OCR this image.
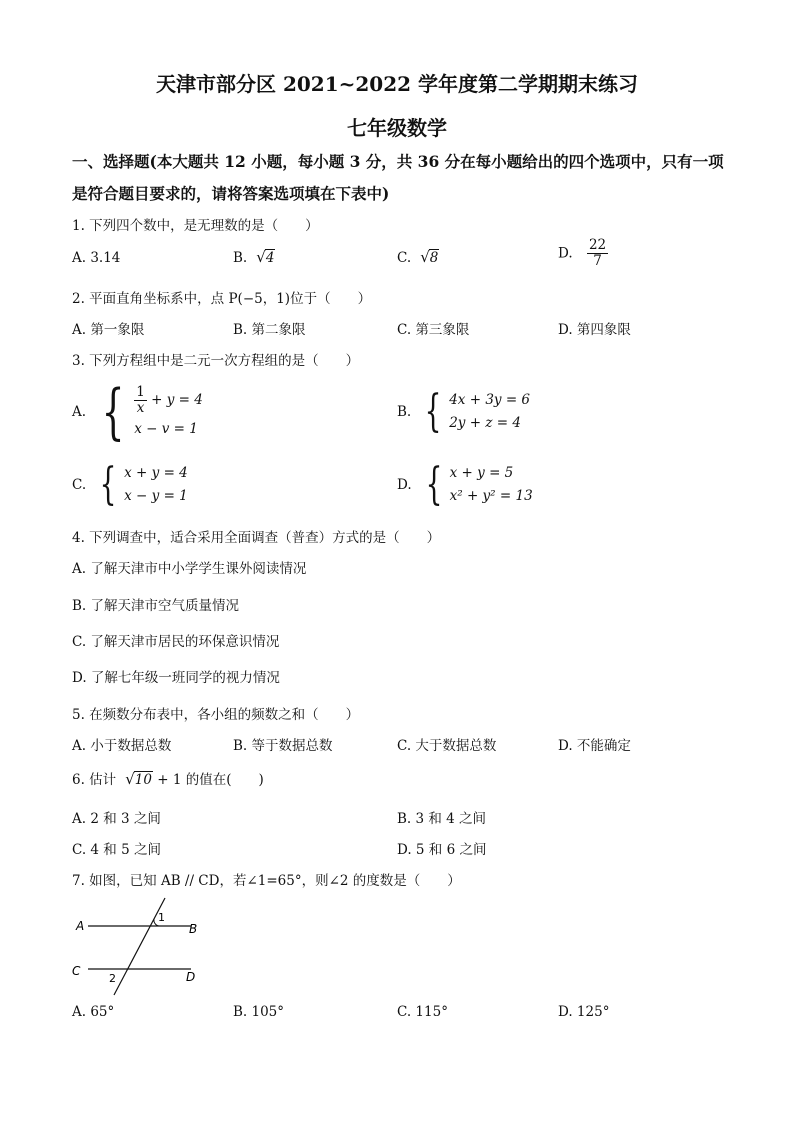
天津市部分区 2021~2022 学年度第二学期期末练习
七年级数学
一、选择题(本大题共 12 小题，每小题 3 分，共 36 分在每小题给出的四个选项中，只有一项
是符合题目要求的，请将答案选项填在下表中)
1. 下列四个数中，是无理数的是（　　）
A. 3.14	B.  √4	C.  √8	D. $\frac{22}{7}$
2. 平面直角坐标系中，点 P(−5，1)位于（　　）
A. 第一象限	B. 第二象限	C. 第三象限	D. 第四象限
3. 下列方程组中是二元一次方程组的是（　　）
A. { $\frac{1}{x} + y = 4$
x − v = 1
B. { 4x + 3y = 6
2y + z = 4
C. { x + y = 4
x − y = 1
D. { x + y = 5
x² + y² = 13
4. 下列调查中，适合采用全面调查（普查）方式的是（　　）
A. 了解天津市中小学学生课外阅读情况
B. 了解天津市空气质量情况
C. 了解天津市居民的环保意识情况
D. 了解七年级一班同学的视力情况
5. 在频数分布表中，各小组的频数之和（　　）
A. 小于数据总数	B. 等于数据总数	C. 大于数据总数	D. 不能确定
6. 估计  √10 + 1 的值在(　　)
A. 2 和 3 之间	B. 3 和 4 之间
C. 4 和 5 之间	D. 5 和 6 之间
7. 如图，已知 AB // CD，若∠1=65°，则∠2 的度数是（　　）
A	B
C	D
1
2
A. 65°	B. 105°	C. 115°	D. 125°
